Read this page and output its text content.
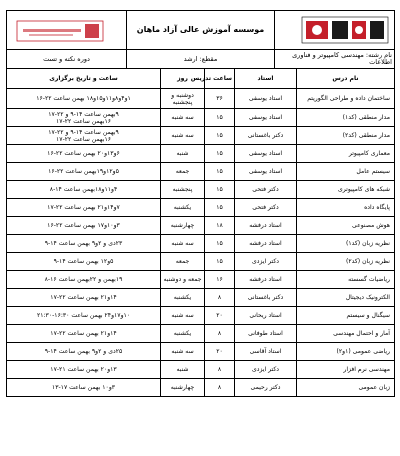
	موسسه آموزش عالی آزاد ماهان	

نام رشته: مهندسی کامپیوتر و فناوری اطلاعات	مقطع: ارشد	دوره نکته و تست
نام درس	استاد	ساعت تدریس	روز	ساعت و تاریخ برگزاری
ساختمان داده و طراحی الگوریتم	استاد یوسفی	۳۶	دوشنبه و پنجشنبه	۱و۴و۸و۱۱و۱۵و۱۸ بهمن ساعت ۲۲-۱۶
مدار منطقی (کد۱)	استاد یوسفی	۱۵	سه شنبه	۹بهمن ساعت ۱۴-۹ و ۲۲-۱۷
۱۶بهمن ساعت ۲۲-۱۷
مدار منطقی (کد۲)	دکتر باغستانی	۱۵	سه شنبه	۹بهمن ساعت ۱۴-۹ و ۲۲-۱۷
۱۶بهمن ساعت ۲۲-۱۷
معماری کامپیوتر	استاد یوسفی	۱۵	شنبه	۶و۱۳و۲۰ بهمن ساعت ۲۲-۱۶
سیستم عامل	استاد یوسفی	۱۵	جمعه	۵و۱۲و۱۹بهمن ساعت ۲۲-۱۶
شبکه های کامپیوتری	دکتر فتحی	۱۵	پنجشنبه	۴و۱۱و۱۸بهمن ساعت ۱۴-۸
پایگاه داده	دکتر فتحی	۱۵	یکشنبه	۷و۱۴و۲۱ بهمن ساعت ۲۲-۱۷
هوش مصنوعی	استاد درفشه	۱۸	چهارشنبه	۳و۱۰و۱۷ بهمن ساعت ۲۲-۱۶
نظریه زبان (کد۱)	استاد درفشه	۱۵	سه شنبه	۲۳دی و ۲و۹ بهمن ساعت ۱۴-۹
نظریه زبان (کد۲)	دکتر ایزدی	۱۵	جمعه	۵و۱۲ بهمن ساعت ۱۴-۹
ریاضیات گسسته	استاد درفشه	۱۶	جمعه و دوشنبه	۱۹بهمن و ۲۲بهمن ساعت ۱۶-۸
الکترونیک دیجیتال	دکتر باغستانی	۸	یکشنبه	۱۴و۲۱ بهمن ساعت ۲۲-۱۷
سیگنال و سیستم	استاد ریحانی	۲۰	سه شنبه	۱۰و۱۷و۲۴ بهمن ساعت ۱۶:۳۰-۲۱:۳۰
آمار و احتمال مهندسی	استاد طوفانی	۸	یکشنبه	۱۴و۲۱ بهمن ساعت ۲۲-۱۷
ریاضی عمومی (۱و۲)	استاد آقاسی	۲۰	سه شنبه	۲۵دی و ۲و۹ بهمن ساعت ۱۴-۹
مهندسی نرم افزار	دکتر ایزدی	۸	شنبه	۱۳و۲۰ بهمن ساعت ۲۱-۱۷
زبان عمومی	دکتر رحیمی	۸	چهارشنبه	۳و۱۰ بهمن ساعت ۱۷-۱۳
